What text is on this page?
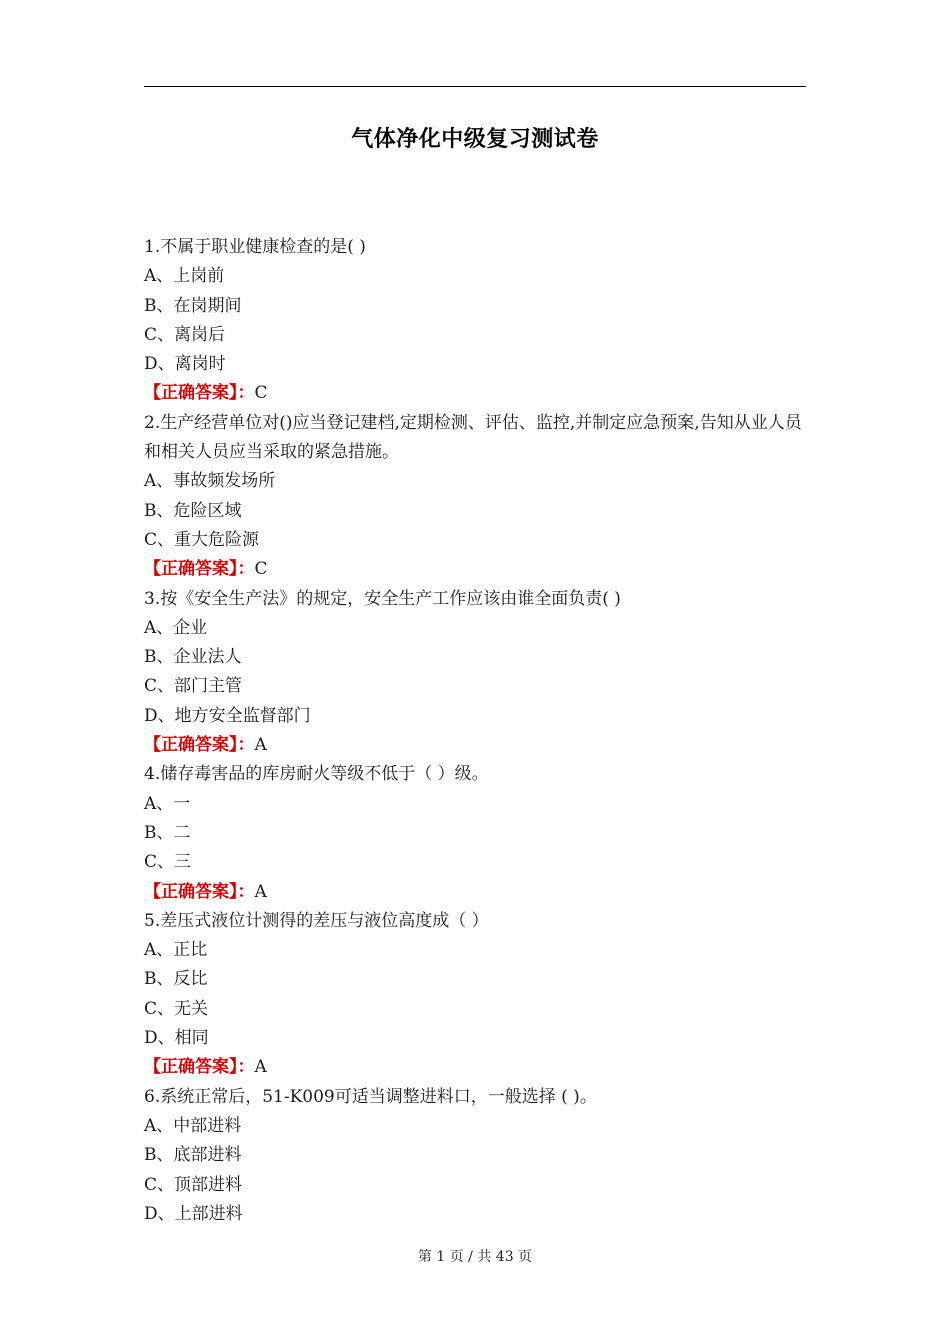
气体净化中级复习测试卷
1.不属于职业健康检查的是( )
A、上岗前
B、在岗期间
C、离岗后
D、离岗时
【正确答案】：C
2.生产经营单位对()应当登记建档,定期检测、评估、监控,并制定应急预案,告知从业人员和相关人员应当采取的紧急措施。
A、事故频发场所
B、危险区域
C、重大危险源
【正确答案】：C
3.按《安全生产法》的规定，安全生产工作应该由谁全面负责( )
A、企业
B、企业法人
C、部门主管
D、地方安全监督部门
【正确答案】：A
4.储存毒害品的库房耐火等级不低于（ ）级。
A、一
B、二
C、三
【正确答案】：A
5.差压式液位计测得的差压与液位高度成（ ）
A、正比
B、反比
C、无关
D、相同
【正确答案】：A
6.系统正常后，51-K009可适当调整进料口，一般选择 ( )。
A、中部进料
B、底部进料
C、顶部进料
D、上部进料
第 1 页 / 共 43 页
